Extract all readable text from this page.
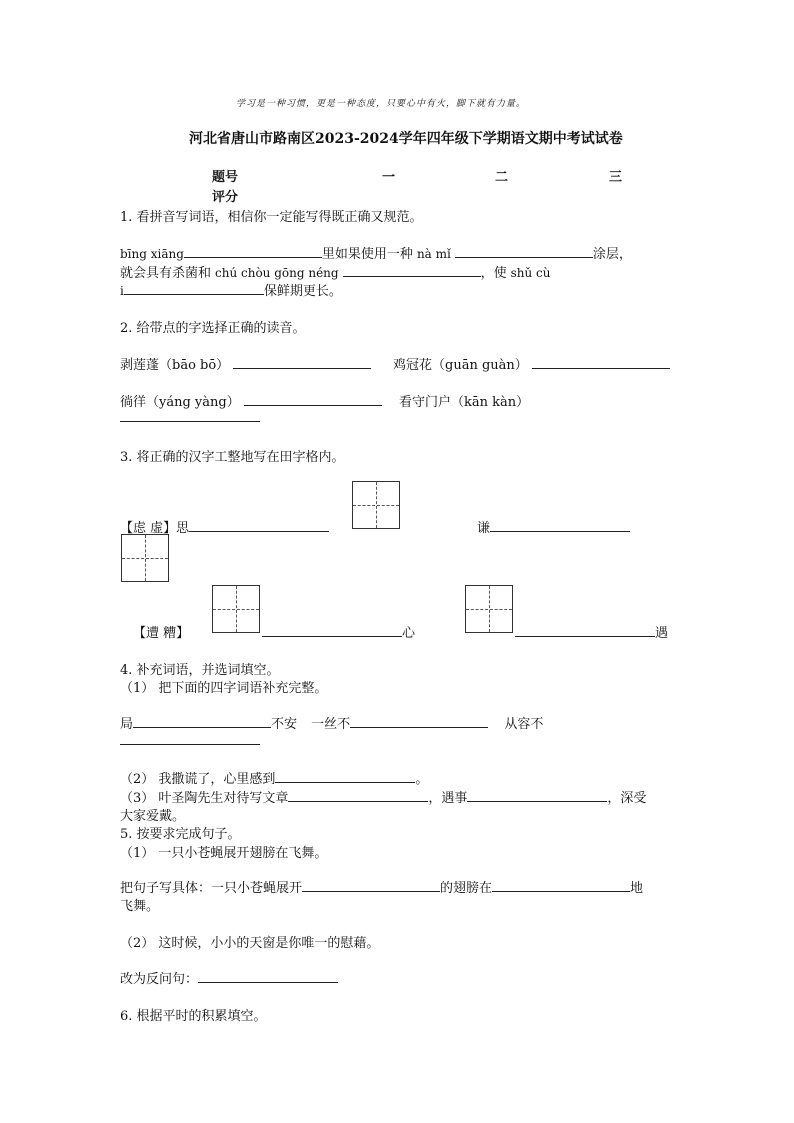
学习是一种习惯，更是一种态度，只要心中有火，脚下就有力量。
河北省唐山市路南区2023-2024学年四年级下学期语文期中考试试卷
题号	一	二	三
评分
1. 看拼音写词语，相信你一定能写得既正确又规范。
bīng xiāng	里如果使用一种 nà mǐ	涂层，
就会具有杀菌和 chú chòu gōng néng	，使 shǔ cù
i	保鲜期更长。
2. 给带点的字选择正确的读音。
剥莲蓬（bāo bō）	鸡冠花（guān guàn）
徜徉（yáng yàng）	看守门户（kān kàn）
3. 将正确的汉字工整地写在田字格内。
【虑 虚】思	谦
【遭 糟】	心	遇
4. 补充词语，并选词填空。
（1） 把下面的四字词语补充完整。
局	不安 一丝不	从容不
（2） 我撒谎了，心里感到	。
（3） 叶圣陶先生对待写文章	，遇事	，深受
大家爱戴。
5. 按要求完成句子。
（1） 一只小苍蝇展开翅膀在飞舞。
把句子写具体：一只小苍蝇展开	的翅膀在	地
飞舞。
（2） 这时候，小小的天窗是你唯一的慰藉。
改为反问句：
6. 根据平时的积累填空。
